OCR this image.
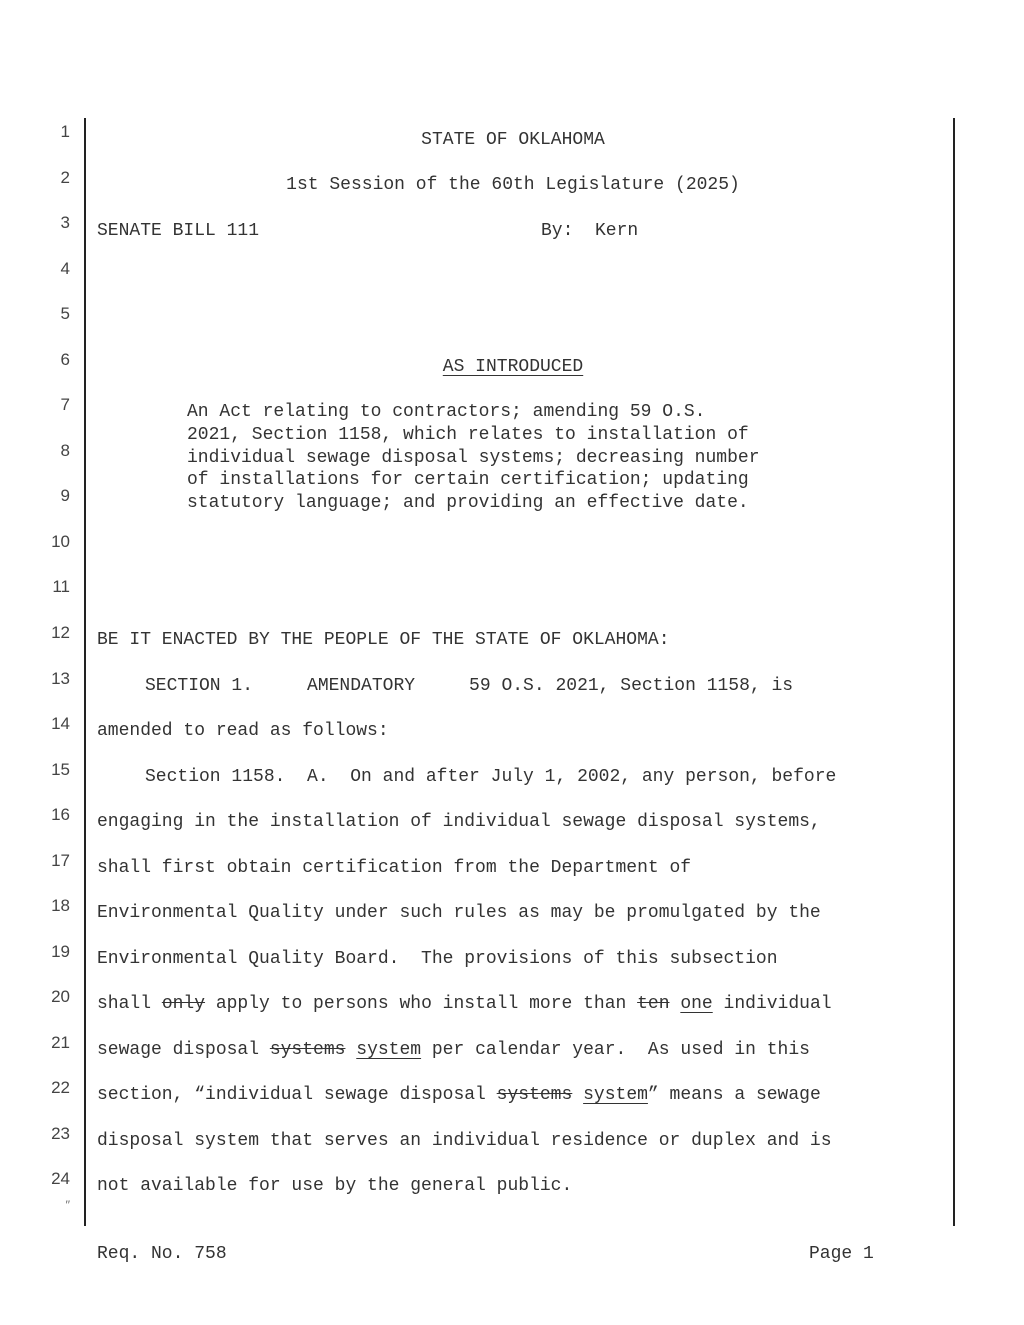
1
2
3
4
5
6
7
8
9
10
11
12
13
14
15
16
17
18
19
20
21
22
23
24
′′
STATE OF OKLAHOMA
1st Session of the 60th Legislature (2025)
SENATE BILL 111	By:  Kern
AS INTRODUCED
An Act relating to contractors; amending 59 O.S.
2021, Section 1158, which relates to installation of
individual sewage disposal systems; decreasing number
of installations for certain certification; updating
statutory language; and providing an effective date.
BE IT ENACTED BY THE PEOPLE OF THE STATE OF OKLAHOMA:
SECTION 1.     AMENDATORY     59 O.S. 2021, Section 1158, is
amended to read as follows:
Section 1158.  A.  On and after July 1, 2002, any person, before
engaging in the installation of individual sewage disposal systems,
shall first obtain certification from the Department of
Environmental Quality under such rules as may be promulgated by the
Environmental Quality Board.  The provisions of this subsection
shall only apply to persons who install more than ten one individual
sewage disposal systems system per calendar year.  As used in this
section, “individual sewage disposal systems system” means a sewage
disposal system that serves an individual residence or duplex and is
not available for use by the general public.
Req. No. 758	Page 1
